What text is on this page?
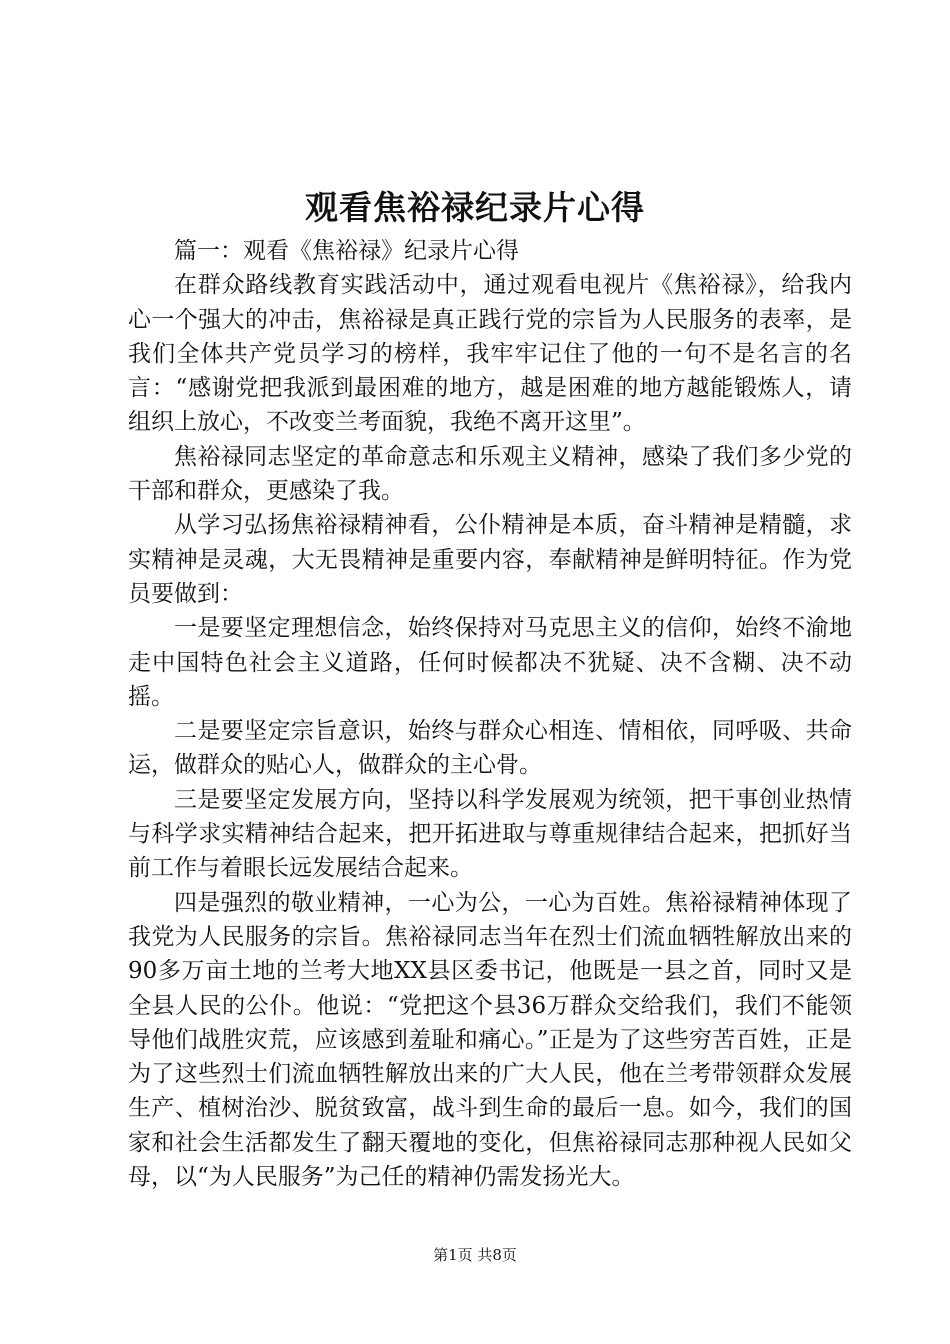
观看焦裕禄纪录片心得

篇一：观看《焦裕禄》纪录片心得

在群众路线教育实践活动中，通过观看电视片《焦裕禄》，给我内心一个强大的冲击，焦裕禄是真正践行党的宗旨为人民服务的表率，是我们全体共产党员学习的榜样，我牢牢记住了他的一句不是名言的名言：“感谢党把我派到最困难的地方，越是困难的地方越能锻炼人，请组织上放心，不改变兰考面貌，我绝不离开这里”。

焦裕禄同志坚定的革命意志和乐观主义精神，感染了我们多少党的干部和群众，更感染了我。

从学习弘扬焦裕禄精神看，公仆精神是本质，奋斗精神是精髓，求实精神是灵魂，大无畏精神是重要内容，奉献精神是鲜明特征。作为党员要做到：

一是要坚定理想信念，始终保持对马克思主义的信仰，始终不渝地走中国特色社会主义道路，任何时候都决不犹疑、决不含糊、决不动摇。

二是要坚定宗旨意识，始终与群众心相连、情相依，同呼吸、共命运，做群众的贴心人，做群众的主心骨。

三是要坚定发展方向，坚持以科学发展观为统领，把干事创业热情与科学求实精神结合起来，把开拓进取与尊重规律结合起来，把抓好当前工作与着眼长远发展结合起来。

四是强烈的敬业精神，一心为公，一心为百姓。焦裕禄精神体现了我党为人民服务的宗旨。焦裕禄同志当年在烈士们流血牺牲解放出来的90多万亩土地的兰考大地XX县区委书记，他既是一县之首，同时又是全县人民的公仆。他说：“党把这个县36万群众交给我们，我们不能领导他们战胜灾荒，应该感到羞耻和痛心。”正是为了这些穷苦百姓，正是为了这些烈士们流血牺牲解放出来的广大人民，他在兰考带领群众发展生产、植树治沙、脱贫致富，战斗到生命的最后一息。如今，我们的国家和社会生活都发生了翻天覆地的变化，但焦裕禄同志那种视人民如父母，以“为人民服务”为己任的精神仍需发扬光大。

第1页 共8页
